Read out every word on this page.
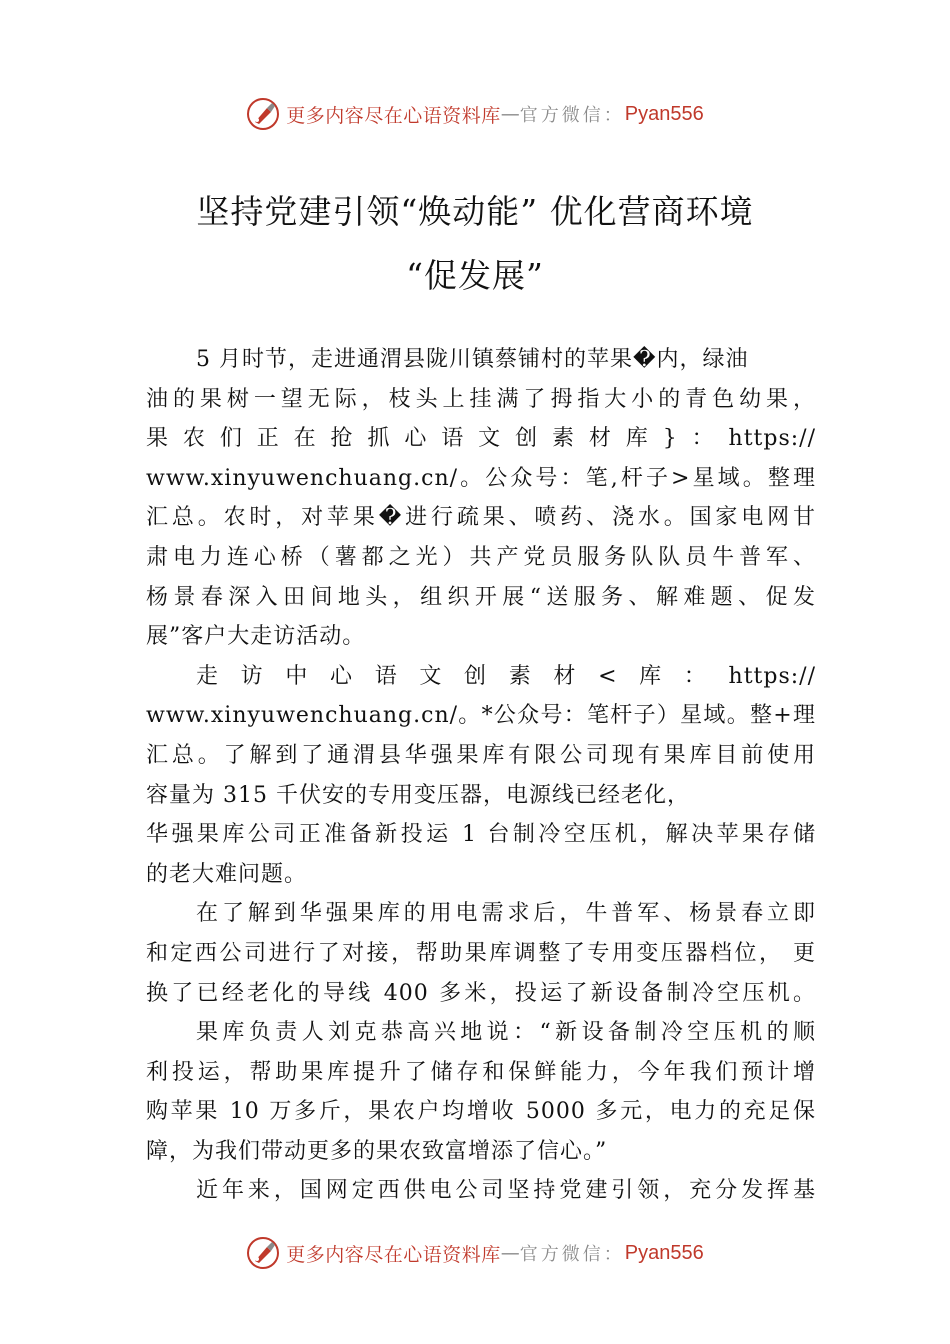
更多内容尽在心语资料库 — 官方微信： Pyan556
坚持党建引领“焕动能” 优化营商环境
“促发展”
5 月时节，走进通渭县陇川镇蔡铺村的苹果�内，绿油
油的果树一望无际，枝头上挂满了拇指大小的青色幼果，
果农们正在抢抓心语文创素材库}：https://
www.xinyuwenchuang.cn/。公众号：笔,杆子>星域。整理
汇总。农时，对苹果�进行疏果、喷药、浇水。国家电网甘
肃电力连心桥（薯都之光）共产党员服务队队员牛普军、
杨景春深入田间地头，组织开展“送服务、解难题、促发
展”客户大走访活动。
走访中心语文创素材<库：https://
www.xinyuwenchuang.cn/。*公众号：笔杆子）星域。整+理
汇总。了解到了通渭县华强果库有限公司现有果库目前使用
容量为 315 千伏安的专用变压器，电源线已经老化，
华强果库公司正准备新投运 1 台制冷空压机，解决苹果存储
的老大难问题。
在了解到华强果库的用电需求后，牛普军、杨景春立即
和定西公司进行了对接，帮助果库调整了专用变压器档位， 更
换了已经老化的导线 400 多米，投运了新设备制冷空压机。
果库负责人刘克恭高兴地说：“新设备制冷空压机的顺
利投运，帮助果库提升了储存和保鲜能力，今年我们预计增
购苹果 10 万多斤，果农户均增收 5000 多元，电力的充足保
障，为我们带动更多的果农致富增添了信心。”
近年来，国网定西供电公司坚持党建引领，充分发挥基
更多内容尽在心语资料库 — 官方微信： Pyan556
